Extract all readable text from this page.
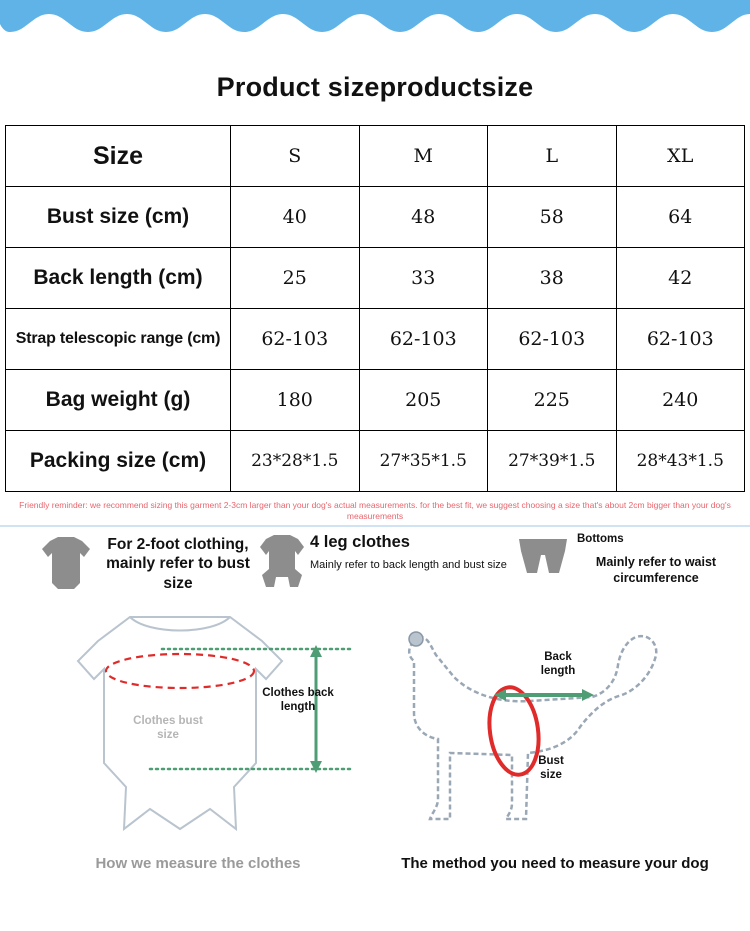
Product sizeproductsize
Size	S	M	L	XL
Bust size (cm)	40	48	58	64
Back length (cm)	25	33	38	42
Strap telescopic range (cm)	62-103	62-103	62-103	62-103
Bag weight (g)	180	205	225	240
Packing size (cm)	23*28*1.5	27*35*1.5	27*39*1.5	28*43*1.5
Friendly reminder: we recommend sizing this garment 2-3cm larger than your dog's actual measurements. for the best fit, we suggest choosing a size that's about 2cm bigger than your dog's measurements
For 2-foot clothing, mainly refer to bust size
4 leg clothes
Mainly refer to back length and bust size
Bottoms
Mainly refer to waist circumference
Clothes bust size
Clothes back length
Back length
Bust size
How we measure the clothes	The method you need to measure your dog
